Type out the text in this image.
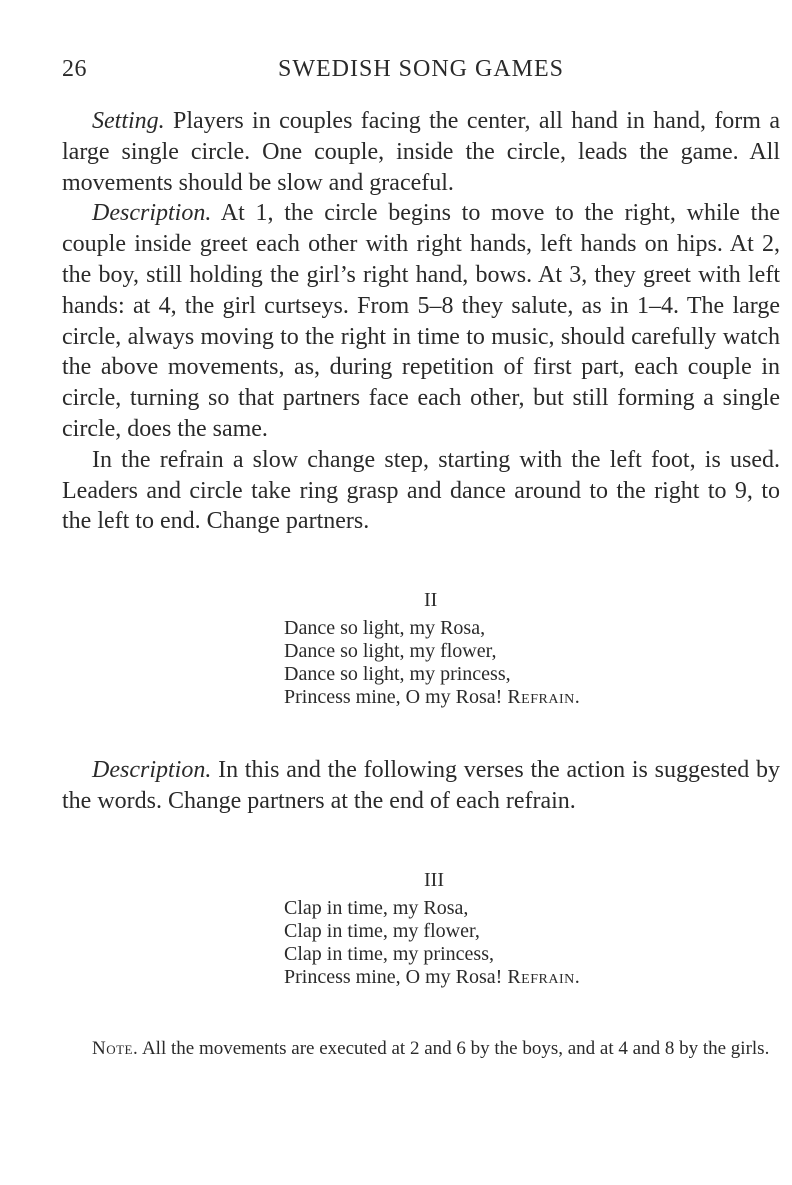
26	SWEDISH SONG GAMES

Setting. Players in couples facing the center, all hand in hand, form a large single circle. One couple, inside the circle, leads the game. All movements should be slow and graceful.

Description. At 1, the circle begins to move to the right, while the couple inside greet each other with right hands, left hands on hips. At 2, the boy, still holding the girl’s right hand, bows. At 3, they greet with left hands: at 4, the girl curtseys. From 5–8 they salute, as in 1–4. The large circle, always moving to the right in time to music, should carefully watch the above movements, as, during repetition of first part, each couple in circle, turning so that partners face each other, but still forming a single circle, does the same.

In the refrain a slow change step, starting with the left foot, is used. Leaders and circle take ring grasp and dance around to the right to 9, to the left to end. Change partners.

II
Dance so light, my Rosa,
Dance so light, my flower,
Dance so light, my princess,
Princess mine, O my Rosa! Refrain.

Description. In this and the following verses the action is suggested by the words. Change partners at the end of each refrain.

III
Clap in time, my Rosa,
Clap in time, my flower,
Clap in time, my princess,
Princess mine, O my Rosa! Refrain.

Note. All the movements are executed at 2 and 6 by the boys, and at 4 and 8 by the girls.
